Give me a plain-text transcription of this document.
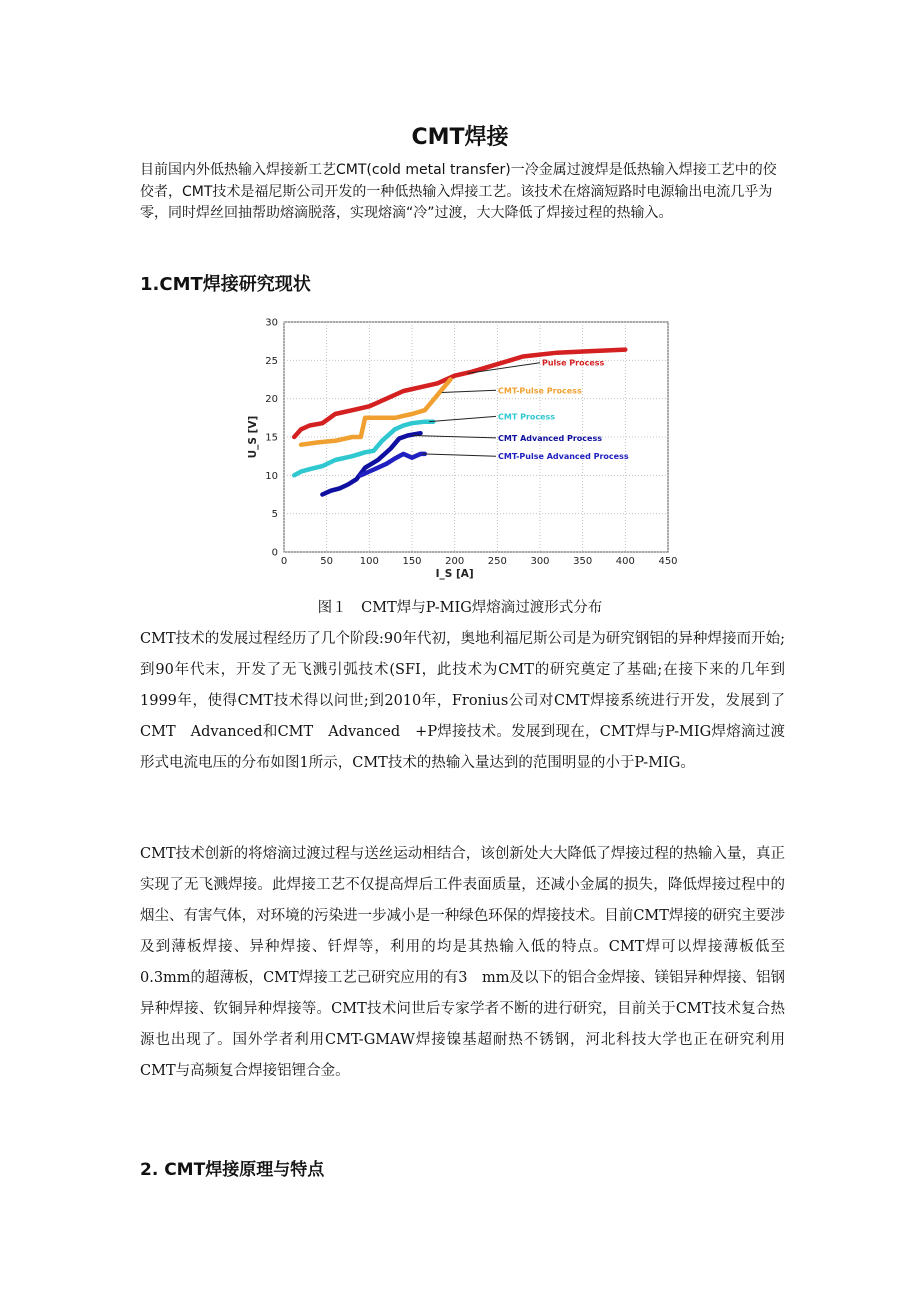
CMT焊接
目前国内外低热输入焊接新工艺CMT(cold metal transfer)一冷金属过渡焊是低热输入焊接工艺中的佼佼者，CMT技术是福尼斯公司开发的一种低热输入焊接工艺。该技术在熔滴短路时电源输出电流几乎为零，同时焊丝回抽帮助熔滴脱落，实现熔滴“冷”过渡，大大降低了焊接过程的热输入。
1.CMT焊接研究现状
0	50	100 150 200 250 300 350 400 450
0
5
10
15
20
25
30
I_S [A]
U_S [V]
Pulse Process
CMT-Pulse Process
CMT Process
CMT Advanced Process
CMT-Pulse Advanced Process
图１　CMT焊与P-MIG焊熔滴过渡形式分布
CMT技术的发展过程经历了几个阶段:90年代初，奥地利福尼斯公司是为研究钢铝的异种焊接而开始;到90年代末，开发了无飞溅引弧技术(SFI，此技术为CMT的研究奠定了基础;在接下来的几年到1999年，使得CMT技术得以问世;到2010年，Fronius公司对CMT焊接系统进行开发，发展到了CMT　Advanced和CMT　Advanced　+P焊接技术。发展到现在，CMT焊与P-MIG焊熔滴过渡形式电流电压的分布如图1所示，CMT技术的热输入量达到的范围明显的小于P-MIG。
CMT技术创新的将熔滴过渡过程与送丝运动相结合，该创新处大大降低了焊接过程的热输入量，真正实现了无飞溅焊接。此焊接工艺不仅提高焊后工件表面质量，还减小金属的损失，降低焊接过程中的烟尘、有害气体，对环境的污染进一步减小是一种绿色环保的焊接技术。目前CMT焊接的研究主要涉及到薄板焊接、异种焊接、钎焊等，利用的均是其热输入低的特点。CMT焊可以焊接薄板低至0.3mm的超薄板，CMT焊接工艺己研究应用的有3　mm及以下的铝合金焊接、镁铝异种焊接、铝钢异种焊接、钦铜异种焊接等。CMT技术问世后专家学者不断的进行研究，目前关于CMT技术复合热源也出现了。国外学者利用CMT-GMAW焊接镍基超耐热不锈钢，河北科技大学也正在研究利用CMT与高频复合焊接铝锂合金。
2. CMT焊接原理与特点
